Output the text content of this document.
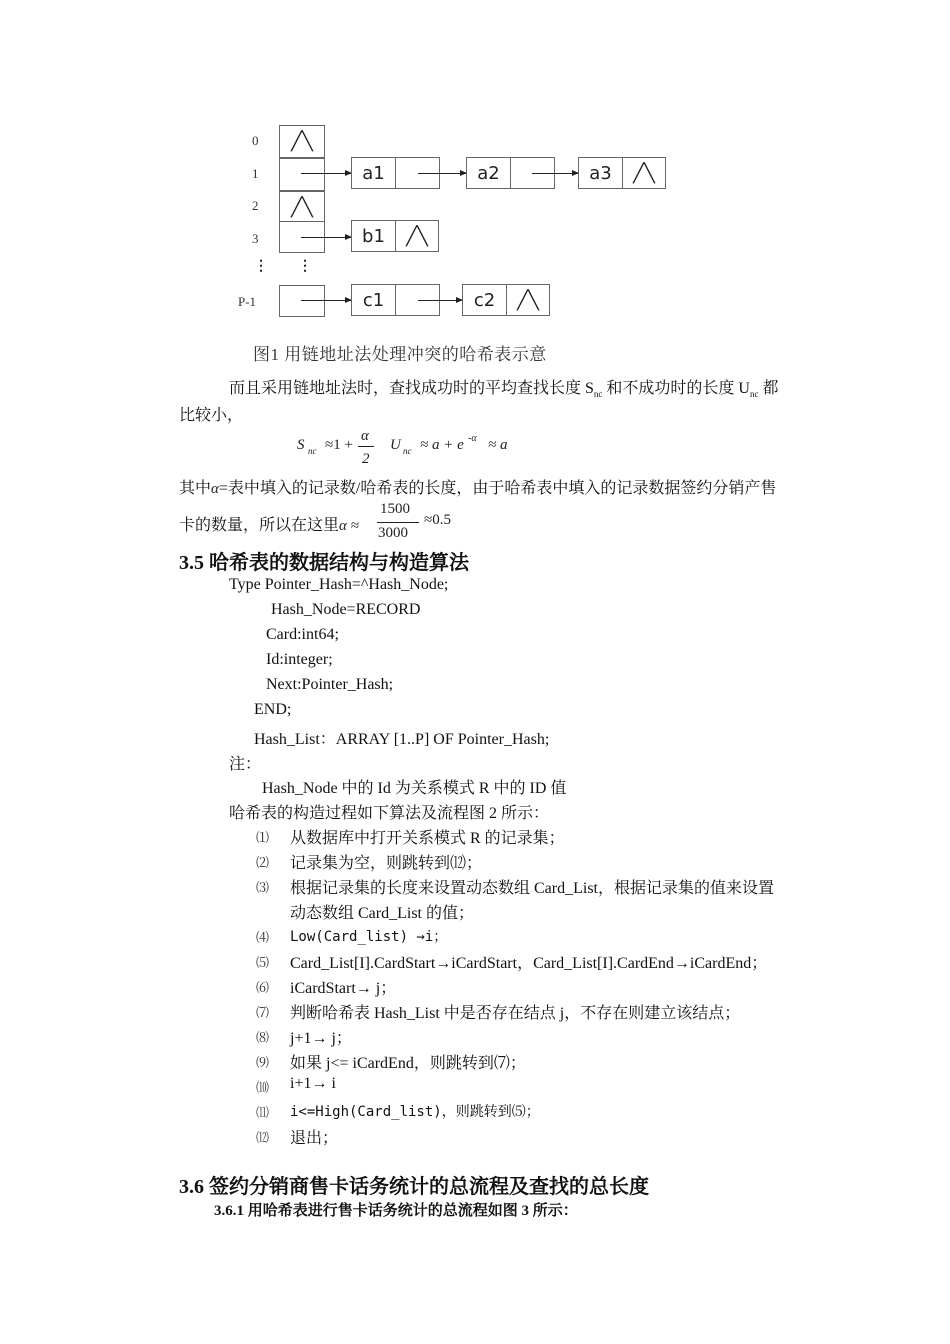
0
1
2
3
⋮ ⋮
P-1
╱╲
╱╲
a1	a2	a3 ╱╲
b1 ╱╲
c1	c2 ╱╲
图1 用链地址法处理冲突的哈希表示意
而且采用链地址法时，查找成功时的平均查找长度 $S_{nc}$ 和不成功时的长度 $U_{nc}$ 都
比较小，
S nc ≈1 +
α
2
U nc ≈ a + e -α ≈ a
其中α=表中填入的记录数/哈希表的长度，由于哈希表中填入的记录数据签约分销产售
卡的数量，所以在这里α ≈
1500
3000
≈0.5
3.5 哈希表的数据结构与构造算法
Type Pointer_Hash=^Hash_Node;
Hash_Node=RECORD
Card:int64;
Id:integer;
Next:Pointer_Hash;
END;
Hash_List：ARRAY [1..P] OF Pointer_Hash;
注：
Hash_Node 中的 Id 为关系模式 R 中的 ID 值
哈希表的构造过程如下算法及流程图 2 所示：
⑴ 从数据库中打开关系模式 R 的记录集；
⑵ 记录集为空，则跳转到⑿；
⑶ 根据记录集的长度来设置动态数组 Card_List，根据记录集的值来设置
动态数组 Card_List 的值；
⑷ Low(Card_list) →i；
⑸ Card_List[I].CardStart→iCardStart，Card_List[I].CardEnd→iCardEnd；
⑹ iCardStart→ j；
⑺ 判断哈希表 Hash_List 中是否存在结点 j，不存在则建立该结点；
⑻ j+1→ j；
⑼ 如果 j<= iCardEnd，则跳转到⑺；
⑽ i+1→ i
⑾ i<=High(Card_list)，则跳转到⑸；
⑿ 退出；
3.6 签约分销商售卡话务统计的总流程及查找的总长度
3.6.1 用哈希表进行售卡话务统计的总流程如图 3 所示：
